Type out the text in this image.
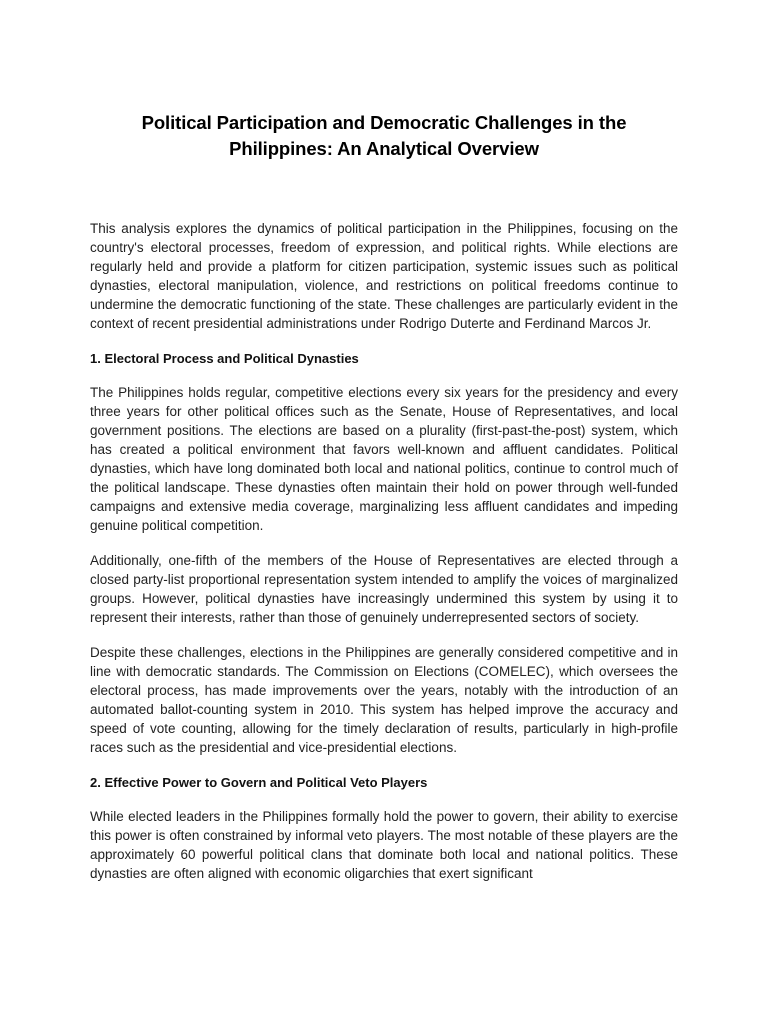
Political Participation and Democratic Challenges in the
Philippines: An Analytical Overview

This analysis explores the dynamics of political participation in the Philippines, focusing on the country's electoral processes, freedom of expression, and political rights. While elections are regularly held and provide a platform for citizen participation, systemic issues such as political dynasties, electoral manipulation, violence, and restrictions on political freedoms continue to undermine the democratic functioning of the state. These challenges are particularly evident in the context of recent presidential administrations under Rodrigo Duterte and Ferdinand Marcos Jr.

1. Electoral Process and Political Dynasties

The Philippines holds regular, competitive elections every six years for the presidency and every three years for other political offices such as the Senate, House of Representatives, and local government positions. The elections are based on a plurality (first-past-the-post) system, which has created a political environment that favors well-known and affluent candidates. Political dynasties, which have long dominated both local and national politics, continue to control much of the political landscape. These dynasties often maintain their hold on power through well-funded campaigns and extensive media coverage, marginalizing less affluent candidates and impeding genuine political competition.

Additionally, one-fifth of the members of the House of Representatives are elected through a closed party-list proportional representation system intended to amplify the voices of marginalized groups. However, political dynasties have increasingly undermined this system by using it to represent their interests, rather than those of genuinely underrepresented sectors of society.

Despite these challenges, elections in the Philippines are generally considered competitive and in line with democratic standards. The Commission on Elections (COMELEC), which oversees the electoral process, has made improvements over the years, notably with the introduction of an automated ballot-counting system in 2010. This system has helped improve the accuracy and speed of vote counting, allowing for the timely declaration of results, particularly in high-profile races such as the presidential and vice-presidential elections.

2. Effective Power to Govern and Political Veto Players

While elected leaders in the Philippines formally hold the power to govern, their ability to exercise this power is often constrained by informal veto players. The most notable of these players are the approximately 60 powerful political clans that dominate both local and national politics. These dynasties are often aligned with economic oligarchies that exert significant
